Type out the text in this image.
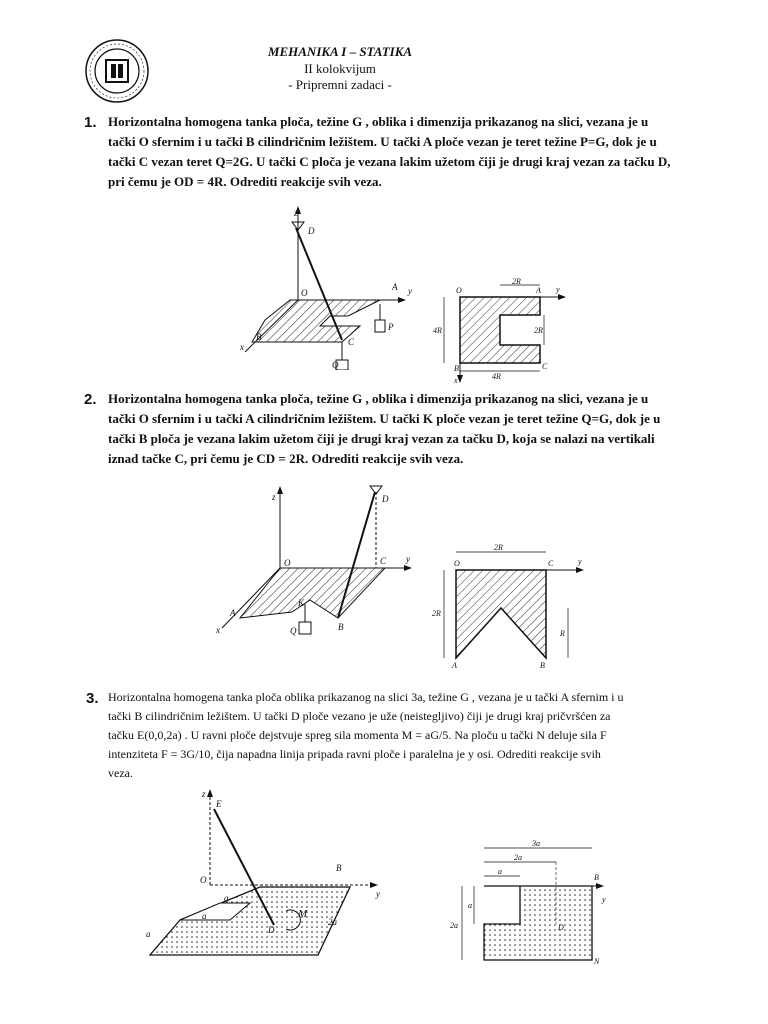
MEHANIKA I – STATIKA
II kolokvijum
- Pripremni zadaci -
1. Horizontalna homogena tanka ploča, težine G , oblika i dimenzija prikazanog na slici, vezana je u
tački O sfernim i u tački B cilindričnim ležištem. U tački A ploče vezan je teret težine P=G, dok je u
tački C vezan teret Q=2G. U tački C ploča je vezana lakim užetom čiji je drugi kraj vezan za tačku D,
pri čemu je OD = 4R. Odrediti reakcije svih veza.
z
D
O
A y
B
x	C
Q
P
2R
4R	2R
4R
O	A y
B	C
x
2. Horizontalna homogena tanka ploča, težine G , oblika i dimenzija prikazanog na slici, vezana je u
tački O sfernim i u tački A cilindričnim ležištem. U tački K ploče vezan je teret težine Q=G, dok je u
tački B ploča je vezana lakim užetom čiji je drugi kraj vezan za tačku D, koja se nalazi na vertikali
iznad tačke C, pri čemu je CD = 2R. Odrediti reakcije svih veza.
z	D
O	C y
A
K
x	Q	B
2R
2R
R
O	C	y
A	B
3. Horizontalna homogena tanka ploča oblika prikazanog na slici 3a, težine G , vezana je u tački A sfernim i u
tački B cilindričnim ležištem. U tački D ploče vezano je uže (neistegljivo) čiji je drugi kraj pričvršćen za
tačku E(0,0,2a) . U ravni ploče dejstvuje spreg sila momenta M = aG/5. Na ploču u tački N deluje sila F
intenziteta F = 3G/10, čija napadna linija pripada ravni ploče i paralelna je y osi. Odrediti reakcije svih
veza.
z
E
O
B
y
a
a
a	D
M
2a
3a
2a
a
2a
a
D
B
y
N
